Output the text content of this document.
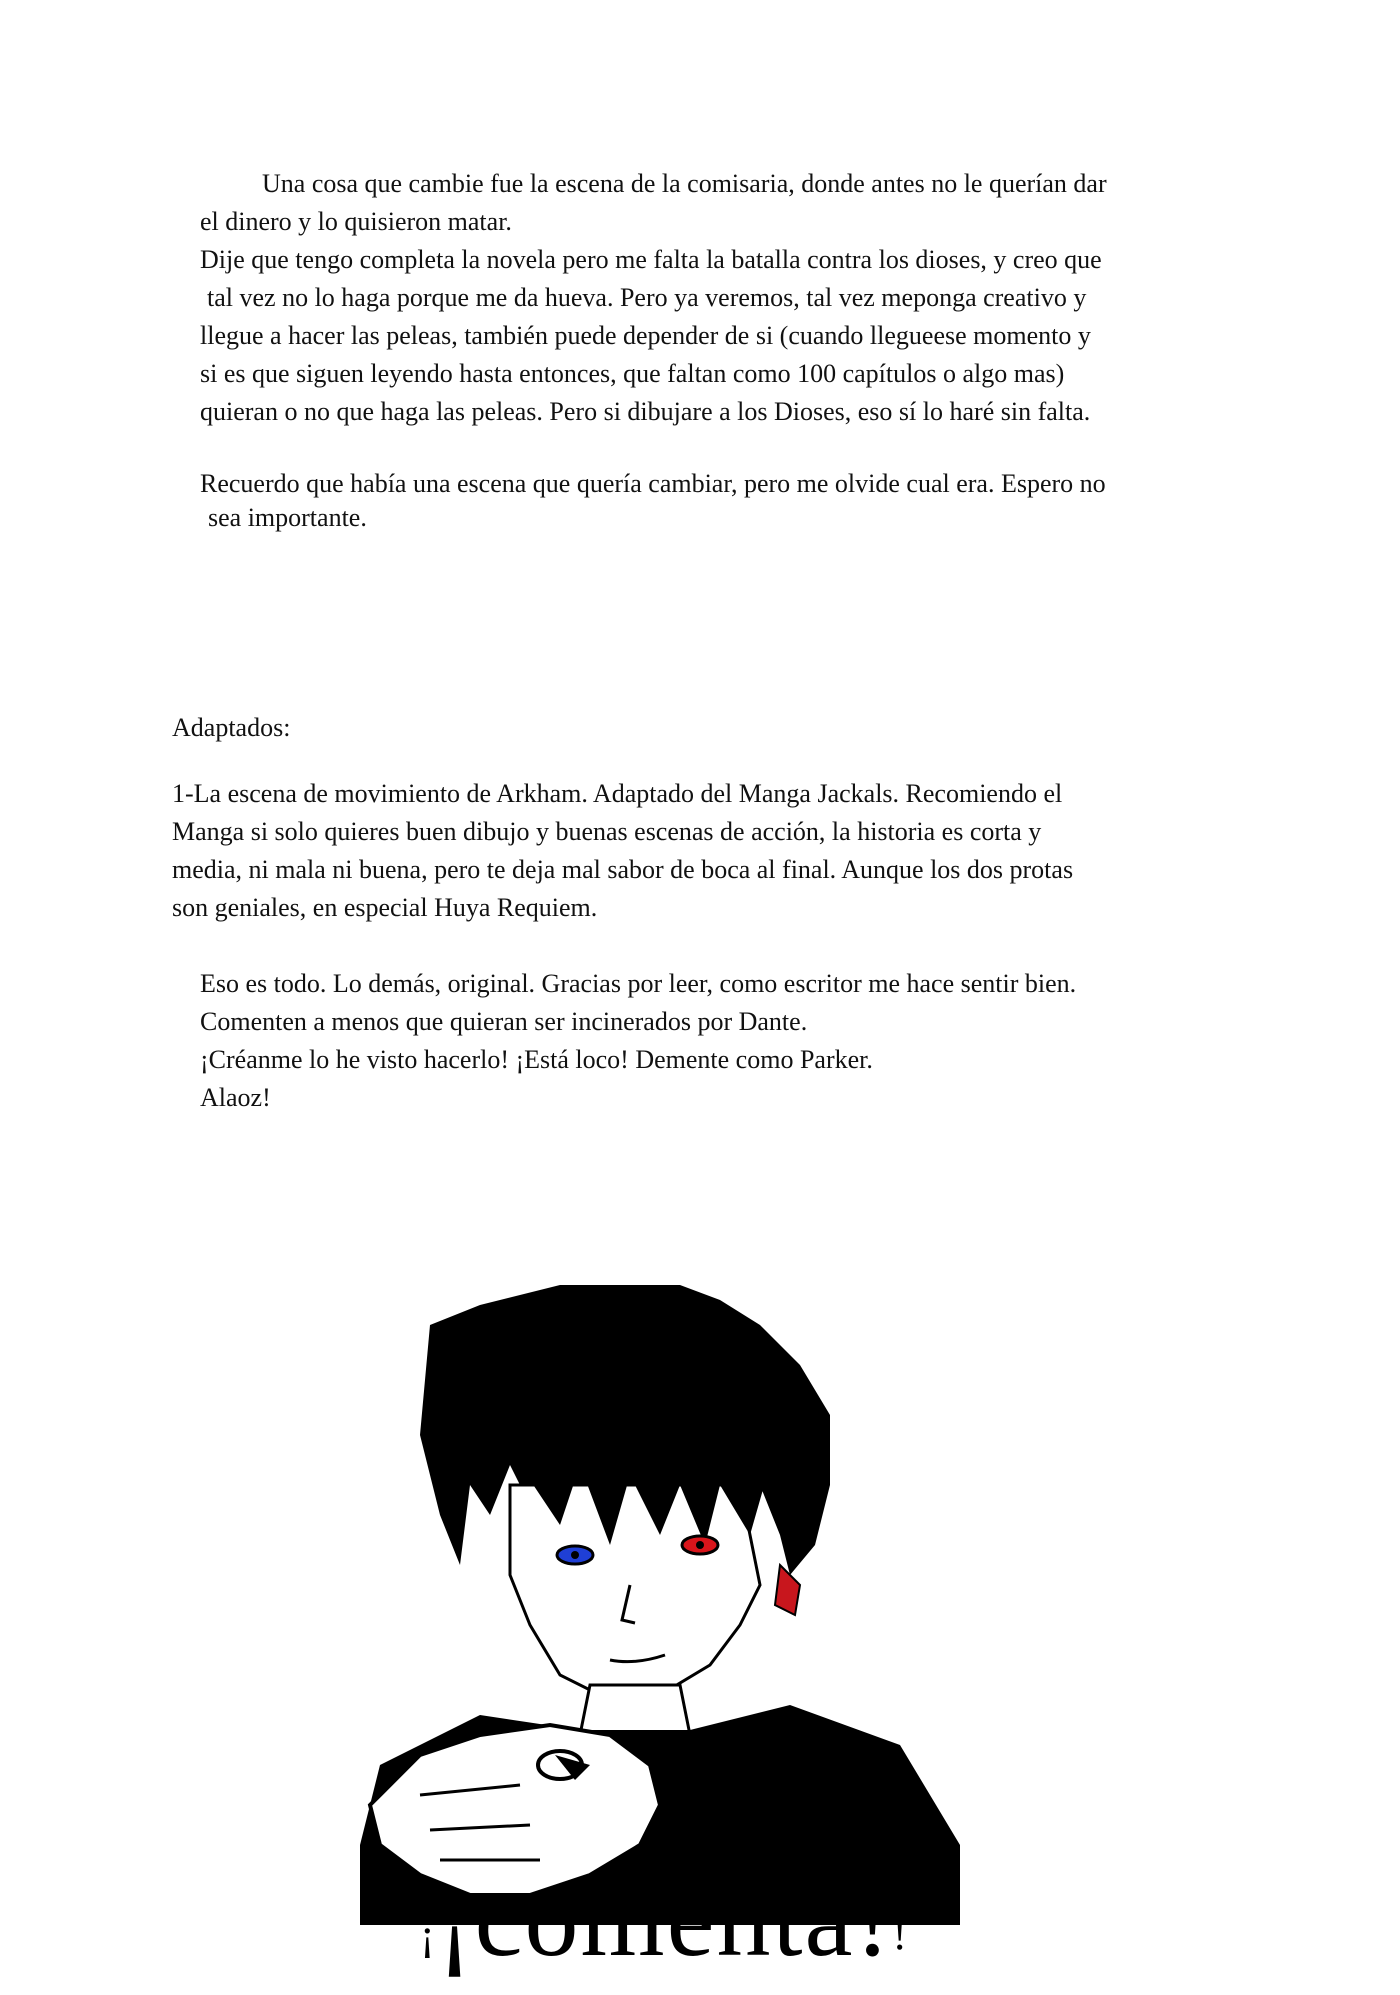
Una cosa que cambie fue la escena de la comisaria, donde antes no le querían dar
el dinero y lo quisieron matar.
Dije que tengo completa la novela pero me falta la batalla contra los dioses, y creo que
tal vez no lo haga porque me da hueva. Pero ya veremos, tal vez meponga creativo y
llegue a hacer las peleas, también puede depender de si (cuando llegueese momento y
si es que siguen leyendo hasta entonces, que faltan como 100 capítulos o algo mas)
quieran o no que haga las peleas. Pero si dibujare a los Dioses, eso sí lo haré sin falta.
Recuerdo que había una escena que quería cambiar, pero me olvide cual era. Espero no
sea importante.
Adaptados:
1-La escena de movimiento de Arkham. Adaptado del Manga Jackals. Recomiendo el
Manga si solo quieres buen dibujo y buenas escenas de acción, la historia es corta y
media, ni mala ni buena, pero te deja mal sabor de boca al final. Aunque los dos protas
son geniales, en especial Huya Requiem.
Eso es todo. Lo demás, original. Gracias por leer, como escritor me hace sentir bien.
Comenten a menos que quieran ser incinerados por Dante.
¡Créanme lo he visto hacerlo! ¡Está loco! Demente como Parker.
Alaoz!
¡¡comenta!!
